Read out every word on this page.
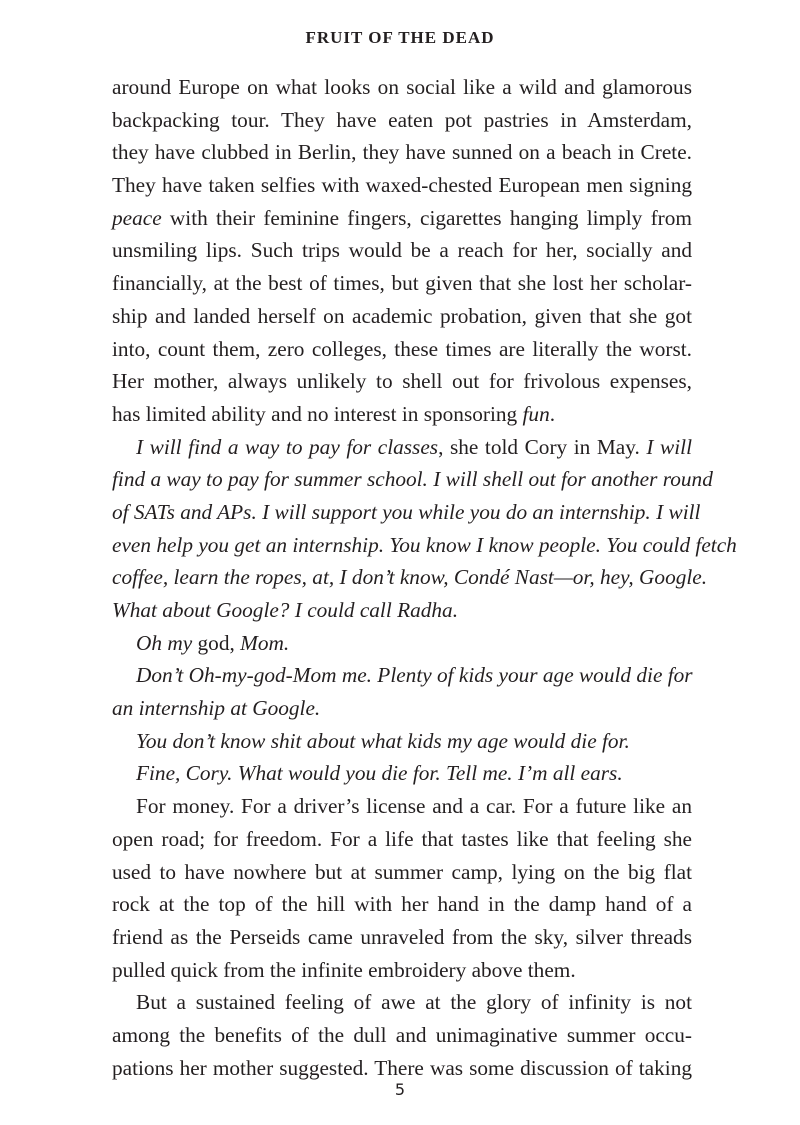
FRUIT OF THE DEAD
around Europe on what looks on social like a wild and glamorous
backpacking tour. They have eaten pot pastries in Amsterdam,
they have clubbed in Berlin, they have sunned on a beach in Crete.
They have taken selfies with waxed-chested European men signing
peace with their feminine fingers, cigarettes hanging limply from
unsmiling lips. Such trips would be a reach for her, socially and
financially, at the best of times, but given that she lost her scholar-
ship and landed herself on academic probation, given that she got
into, count them, zero colleges, these times are literally the worst.
Her mother, always unlikely to shell out for frivolous expenses,
has limited ability and no interest in sponsoring fun.
I will find a way to pay for classes, she told Cory in May. I will
find a way to pay for summer school. I will shell out for another round
of SATs and APs. I will support you while you do an internship. I will
even help you get an internship. You know I know people. You could fetch
coffee, learn the ropes, at, I don’t know, Condé Nast—or, hey, Google.
What about Google? I could call Radha.
Oh my god, Mom.
Don’t Oh-my-god-Mom me. Plenty of kids your age would die for
an internship at Google.
You don’t know shit about what kids my age would die for.
Fine, Cory. What would you die for. Tell me. I’m all ears.
For money. For a driver’s license and a car. For a future like an
open road; for freedom. For a life that tastes like that feeling she
used to have nowhere but at summer camp, lying on the big flat
rock at the top of the hill with her hand in the damp hand of a
friend as the Perseids came unraveled from the sky, silver threads
pulled quick from the infinite embroidery above them.
But a sustained feeling of awe at the glory of infinity is not
among the benefits of the dull and unimaginative summer occu-
pations her mother suggested. There was some discussion of taking
5
